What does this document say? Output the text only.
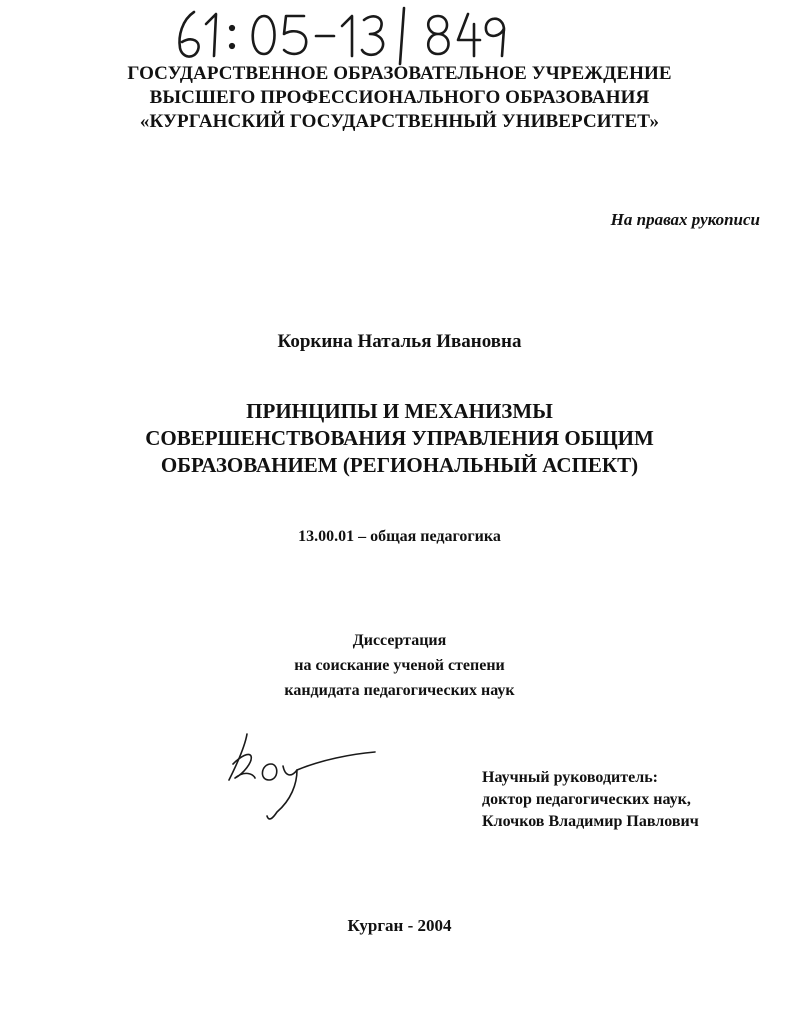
ГОСУДАРСТВЕННОЕ ОБРАЗОВАТЕЛЬНОЕ УЧРЕЖДЕНИЕ
ВЫСШЕГО ПРОФЕССИОНАЛЬНОГО ОБРАЗОВАНИЯ
«КУРГАНСКИЙ ГОСУДАРСТВЕННЫЙ УНИВЕРСИТЕТ»
На правах рукописи
Коркина Наталья Ивановна
ПРИНЦИПЫ И МЕХАНИЗМЫ
СОВЕРШЕНСТВОВАНИЯ УПРАВЛЕНИЯ ОБЩИМ
ОБРАЗОВАНИЕМ (РЕГИОНАЛЬНЫЙ АСПЕКТ)
13.00.01 – общая педагогика
Диссертация
на соискание ученой степени
кандидата педагогических наук
Научный руководитель:
доктор педагогических наук,
Клочков Владимир Павлович
Курган - 2004
